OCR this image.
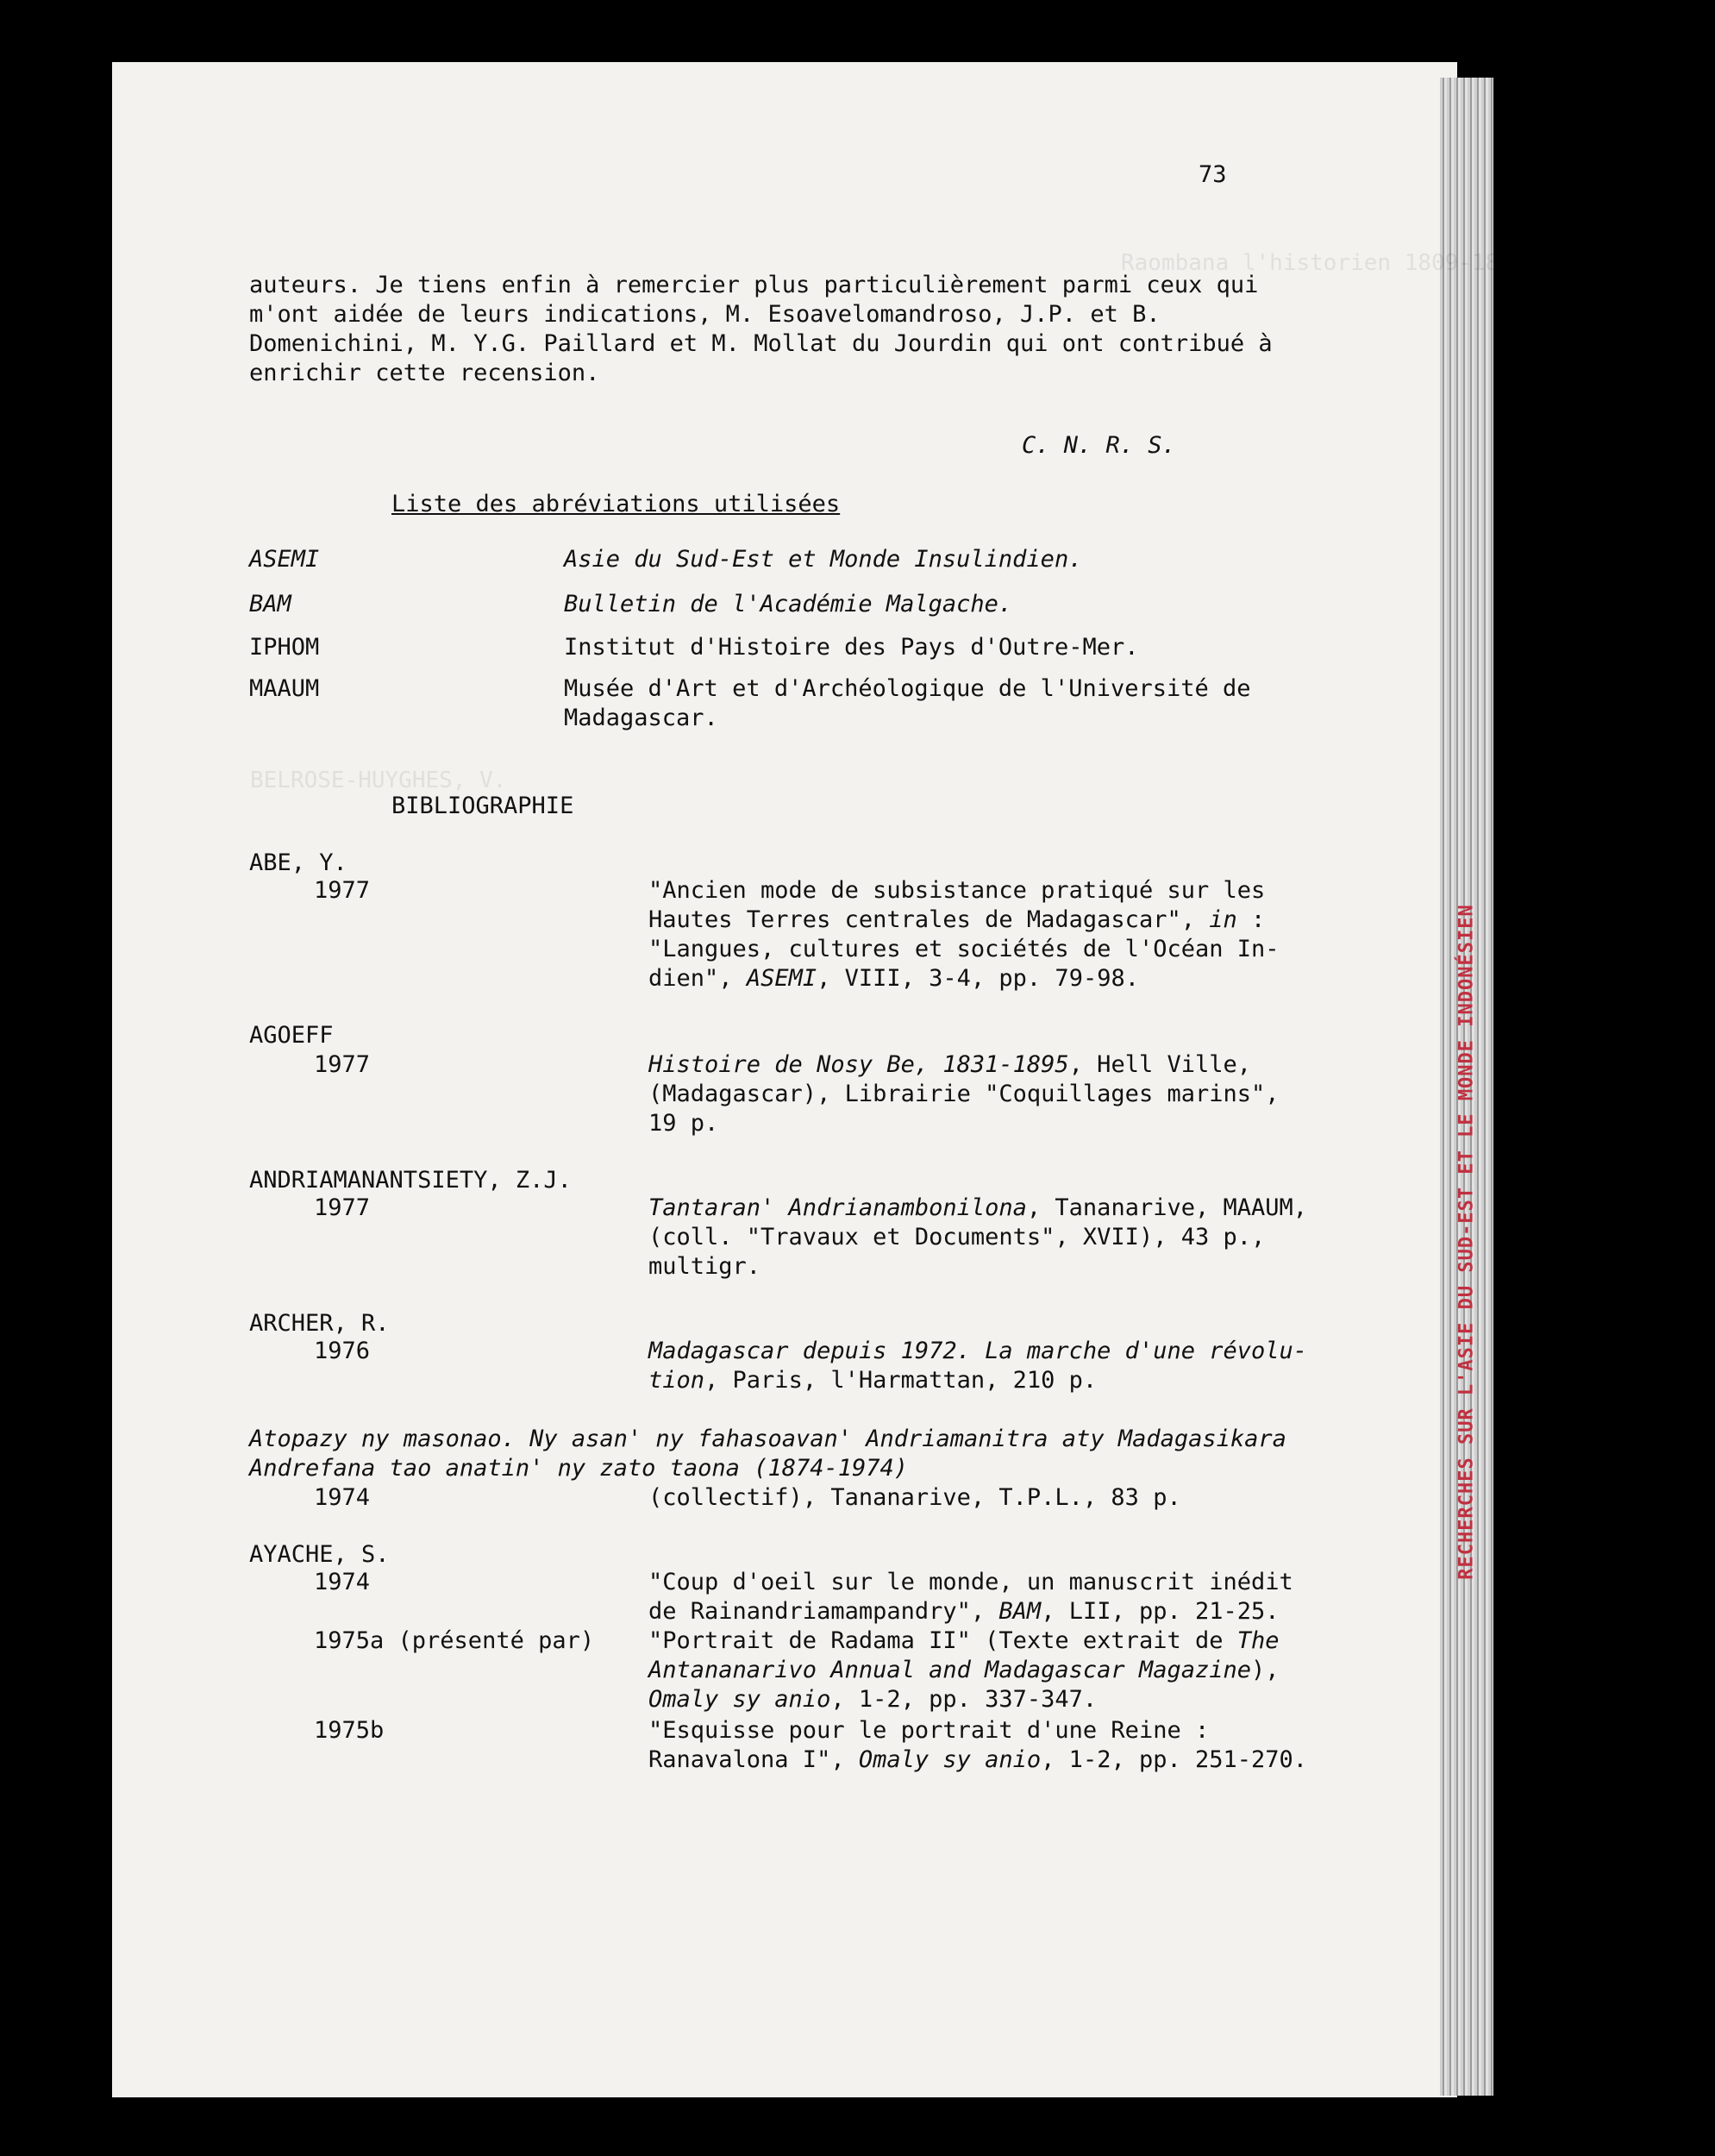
RECHERCHES SUR L'ASIE DU SUD-EST ET LE MONDE INDONÉSIEN
Raombana l'historien 1809-1855. Introduction
BELROSE-HUYGHES, V.
73
auteurs. Je tiens enfin à remercier plus particulièrement parmi ceux qui
m'ont aidée de leurs indications, M. Esoavelomandroso, J.P. et B.
Domenichini, M. Y.G. Paillard et M. Mollat du Jourdin qui ont contribué à
enrichir cette recension.
C. N. R. S.
Liste des abréviations utilisées
ASEMI	Asie du Sud-Est et Monde Insulindien.
BAM	Bulletin de l'Académie Malgache.
IPHOM	Institut d'Histoire des Pays d'Outre-Mer.
MAAUM	Musée d'Art et d'Archéologique de l'Université de
Madagascar.
BIBLIOGRAPHIE
ABE, Y.
1977	"Ancien mode de subsistance pratiqué sur les
Hautes Terres centrales de Madagascar", in :
"Langues, cultures et sociétés de l'Océan In-
dien", ASEMI, VIII, 3-4, pp. 79-98.
AGOEFF
1977	Histoire de Nosy Be, 1831-1895, Hell Ville,
(Madagascar), Librairie "Coquillages marins",
19 p.
ANDRIAMANANTSIETY, Z.J.
1977	Tantaran' Andrianambonilona, Tananarive, MAAUM,
(coll. "Travaux et Documents", XVII), 43 p.,
multigr.
ARCHER, R.
1976	Madagascar depuis 1972. La marche d'une révolu-
tion, Paris, l'Harmattan, 210 p.
Atopazy ny masonao. Ny asan' ny fahasoavan' Andriamanitra aty Madagasikara
Andrefana tao anatin' ny zato taona (1874-1974)
1974	(collectif), Tananarive, T.P.L., 83 p.
AYACHE, S.
1974	"Coup d'oeil sur le monde, un manuscrit inédit
de Rainandriamampandry", BAM, LII, pp. 21-25.
1975a (présenté par) "Portrait de Radama II" (Texte extrait de The
Antananarivo Annual and Madagascar Magazine),
Omaly sy anio, 1-2, pp. 337-347.
1975b	"Esquisse pour le portrait d'une Reine :
Ranavalona I", Omaly sy anio, 1-2, pp. 251-270.
